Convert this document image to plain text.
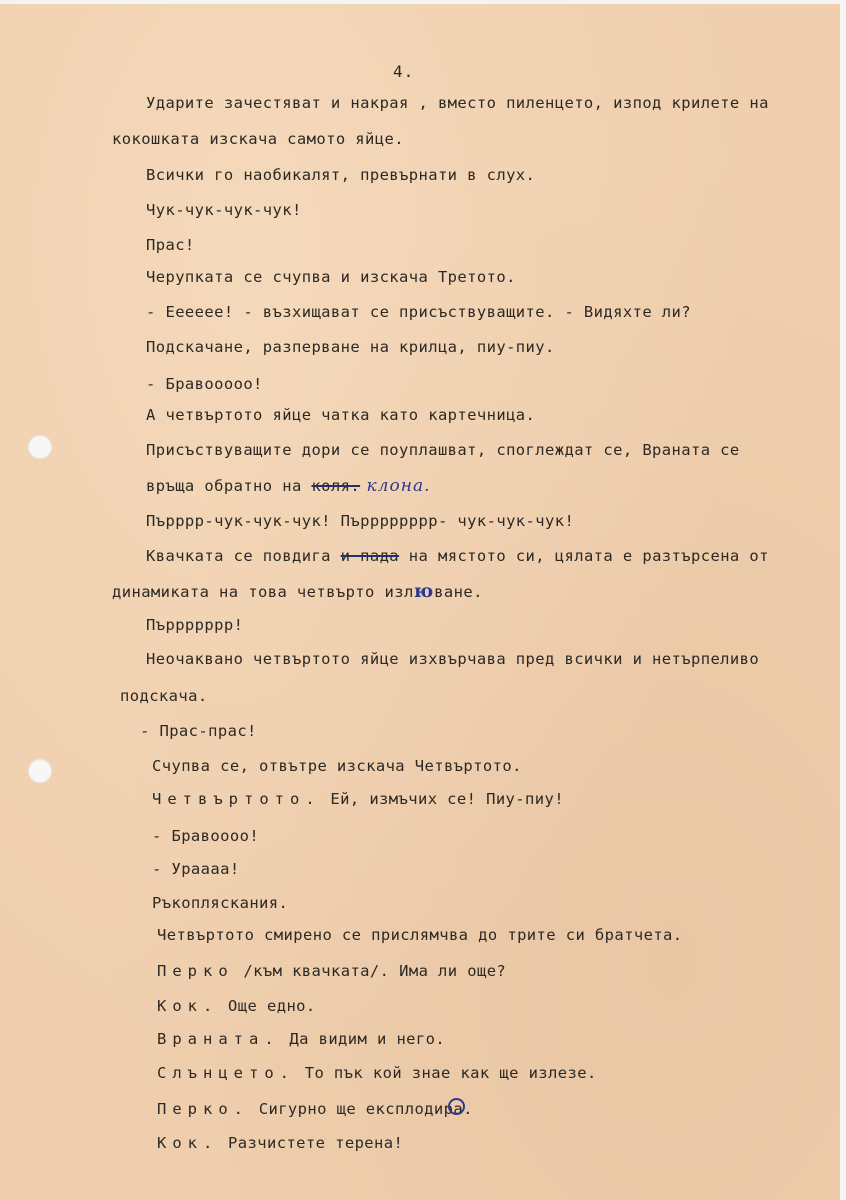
4.
Ударите зачестяват и накрая , вместо пиленцето, изпод крилете на
кокошката изскача самото яйце.
Всички го наобикалят, превърнати в слух.
Чук-чук-чук-чук!
Прас!
Черупката се счупва и изскача Третото.
- Еееееe! - възхищават се присъствуващите. - Видяхте ли?
Подскачане, разперване на крилца, пиу-пиу.
- Бравооооо!
А четвъртото яйце чатка като картечница.
Присъствуващите дори се поуплашват, споглеждат се, Враната се
връща обратно на коля. клона.
Пърррр-чук-чук-чук! Пърррррррр- чук-чук-чук!
Квачката се повдига и пада на мястото си, цялата е разтърсена от
динамиката на това четвърто излюване.
Пъррррррр!
Неочаквано четвъртото яйце изхвърчава пред всички и нетърпеливо
подскача.
- Прас-прас!
Счупва се, отвътре изскача Четвъртото.
Четвъртото. Ей, измъчих се! Пиу-пиу!
- Бравоооо!
- Урааaa!
Ръкопляскания.
Четвъртото смирено се прислямчва до трите си братчета.
Перко /към квачката/. Има ли още?
Кок. Още едно.
Враната. Да видим и него.
Слънцето. То пък кой знае как ще излезе.
Перко. Сигурно ще експлодира.
Кок. Разчистете терена!
